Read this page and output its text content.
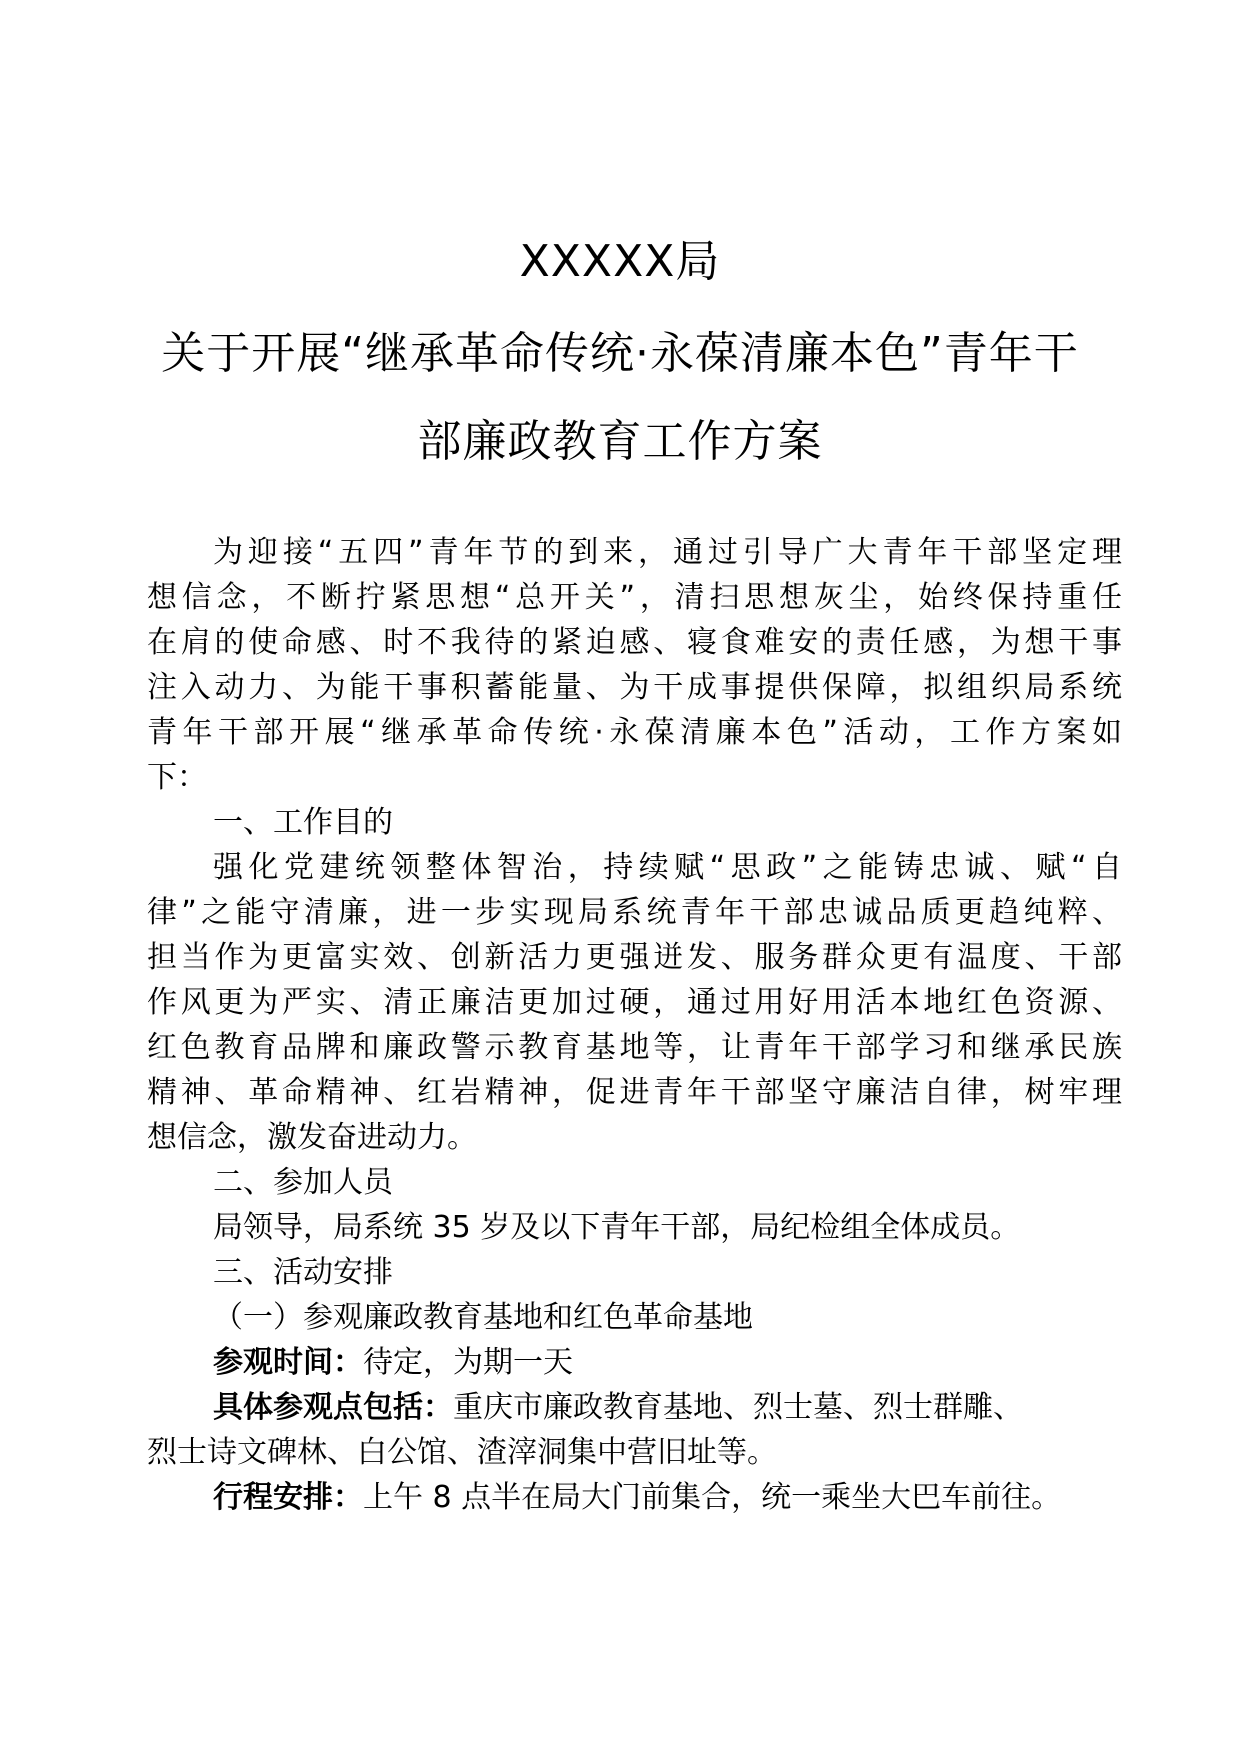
XXXXX局
关于开展“继承革命传统·永葆清廉本色”青年干
部廉政教育工作方案
为迎接“五四”青年节的到来，通过引导广大青年干部坚定理
想信念，不断拧紧思想“总开关”，清扫思想灰尘，始终保持重任
在肩的使命感、时不我待的紧迫感、寝食难安的责任感，为想干事
注入动力、为能干事积蓄能量、为干成事提供保障，拟组织局系统
青年干部开展“继承革命传统·永葆清廉本色”活动，工作方案如
下：
一、工作目的
强化党建统领整体智治，持续赋“思政”之能铸忠诚、赋“自
律”之能守清廉，进一步实现局系统青年干部忠诚品质更趋纯粹、
担当作为更富实效、创新活力更强迸发、服务群众更有温度、干部
作风更为严实、清正廉洁更加过硬，通过用好用活本地红色资源、
红色教育品牌和廉政警示教育基地等，让青年干部学习和继承民族
精神、革命精神、红岩精神，促进青年干部坚守廉洁自律，树牢理
想信念，激发奋进动力。
二、参加人员
局领导，局系统 35 岁及以下青年干部，局纪检组全体成员。
三、活动安排
（一）参观廉政教育基地和红色革命基地
参观时间：待定，为期一天
具体参观点包括：重庆市廉政教育基地、烈士墓、烈士群雕、
烈士诗文碑林、白公馆、渣滓洞集中营旧址等。
行程安排：上午 8 点半在局大门前集合，统一乘坐大巴车前往。
